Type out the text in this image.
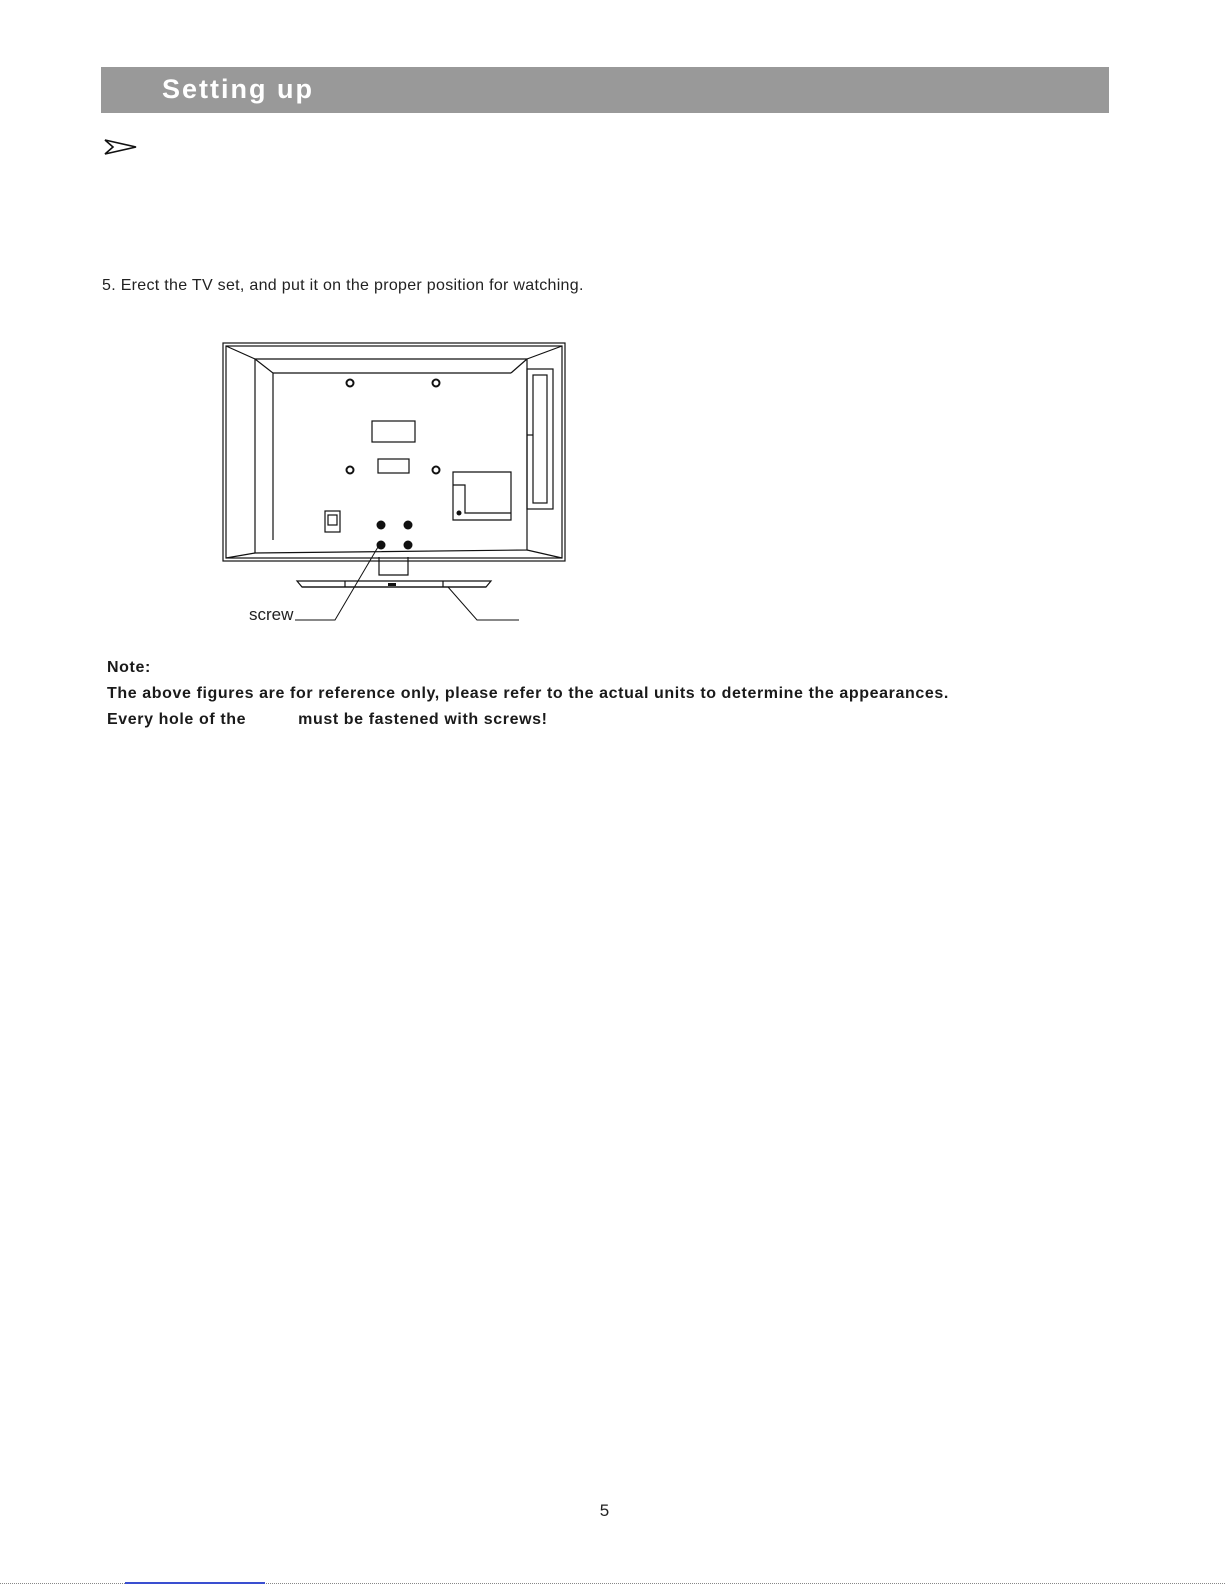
Setting up
5. Erect the TV set, and put it on the proper position for watching.
screw
Note:
The above figures are for reference only, please refer to the actual units to determine the appearances.
Every hole of the	must be fastened with screws!
5
